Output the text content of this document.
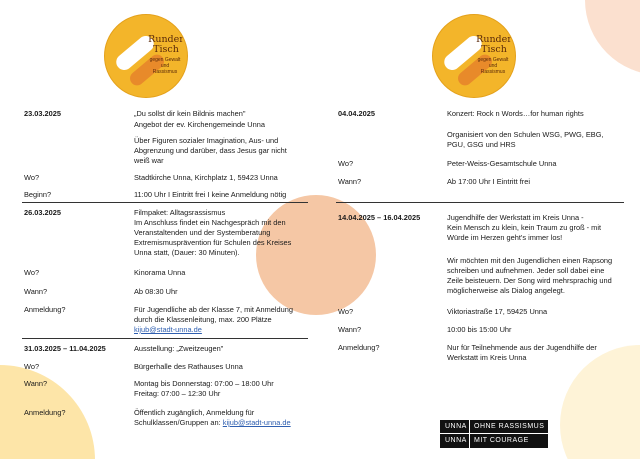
Runder
Tisch
gegen Gewalt
und
Rassismus
Runder
Tisch
gegen Gewalt
und
Rassismus
23.03.2025	„Du sollst dir kein Bildnis machen"
Angebot der ev. Kirchengemeinde Unna
Über Figuren sozialer Imagination, Aus- und
Abgrenzung und darüber, dass Jesus gar nicht
weiß war
Wo?	Stadtkirche Unna, Kirchplatz 1, 59423 Unna
Beginn?	11:00 Uhr I Eintritt frei I keine Anmeldung nötig
26.03.2025	Filmpaket: Alltagsrassismus
Im Anschluss findet ein Nachgespräch mit den
Veranstaltenden und der Systemberatung
Extremismusprävention für Schulen des Kreises
Unna statt, (Dauer: 30 Minuten).
Wo?	Kinorama Unna
Wann?	Ab 08:30 Uhr
Anmeldung?	Für Jugendliche ab der Klasse 7, mit Anmeldung
durch die Klassenleitung, max. 200 Plätze
kijub@stadt-unna.de
31.03.2025 – 11.04.2025	Ausstellung: „Zweitzeugen"
Wo?	Bürgerhalle des Rathauses Unna
Wann?	Montag bis Donnerstag: 07:00 – 18:00 Uhr
Freitag: 07:00 – 12:30 Uhr
Anmeldung?	Öffentlich zugänglich, Anmeldung für
Schulklassen/Gruppen an: kijub@stadt-unna.de
04.04.2025	Konzert: Rock n Words…for human rights
Organisiert von den Schulen WSG, PWG, EBG,
PGU, GSG und HRS
Wo?	Peter-Weiss-Gesamtschule Unna
Wann?	Ab 17:00 Uhr I Eintritt frei
14.04.2025 – 16.04.2025	Jugendhilfe der Werkstatt im Kreis Unna -
Kein Mensch zu klein, kein Traum zu groß - mit
Würde im Herzen geht's immer los!
Wir möchten mit den Jugendlichen einen Rapsong
schreiben und aufnehmen. Jeder soll dabei eine
Zeile beisteuern. Der Song wird mehrsprachig und
möglicherweise als Dialog angelegt.
Wo?	Viktoriastraße 17, 59425 Unna
Wann?	10:00 bis 15:00 Uhr
Anmeldung?	Nur für Teilnehmende aus der Jugendhilfe der
Werkstatt im Kreis Unna
UNNA OHNE RASSISMUS
UNNA MIT COURAGE
